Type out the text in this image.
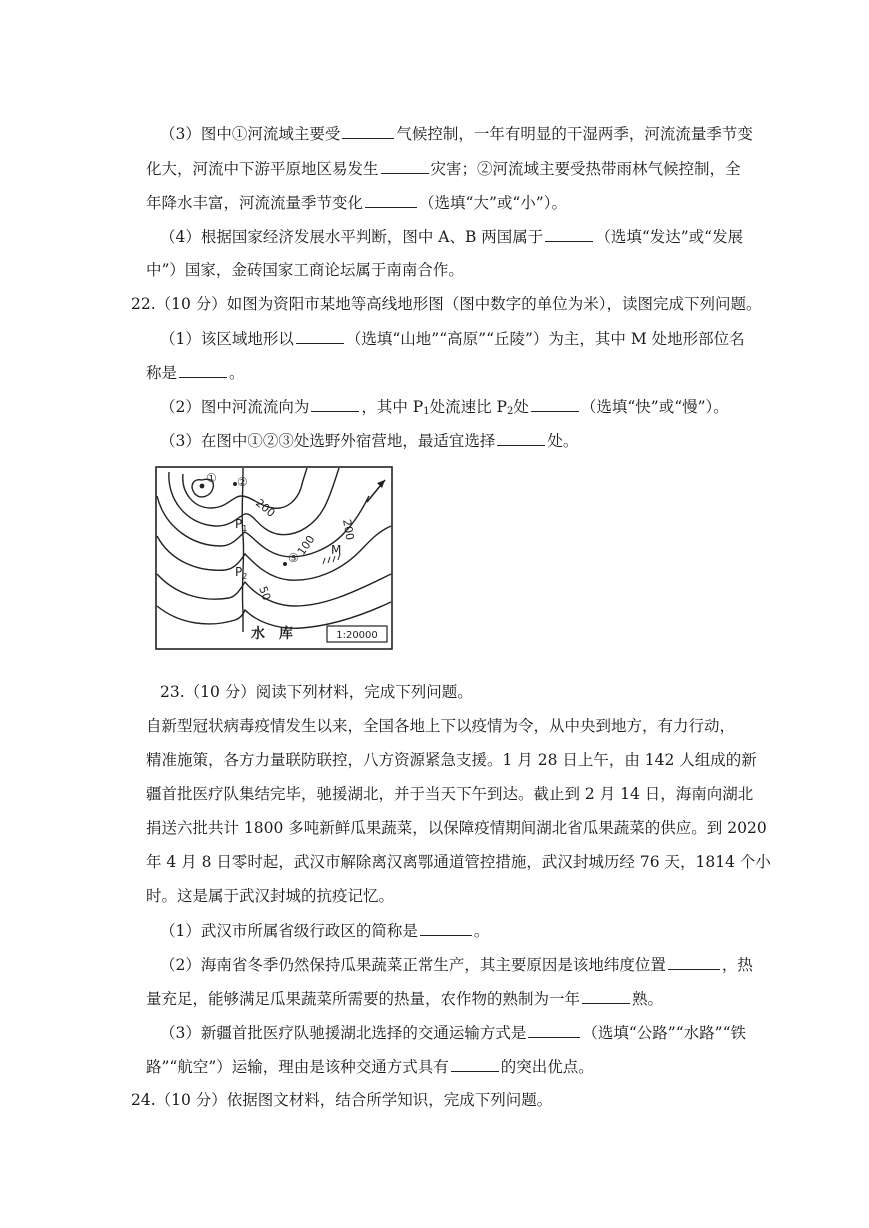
（3）图中①河流域主要受	气候控制，一年有明显的干湿两季，河流流量季节变
化大，河流中下游平原地区易发生	灾害；②河流域主要受热带雨林气候控制，全
年降水丰富，河流流量季节变化	（选填“大”或“小”）。
（4）根据国家经济发展水平判断，图中 A、B 两国属于	（选填“发达”或“发展
中”）国家，金砖国家工商论坛属于南南合作。
22.（10 分）如图为资阳市某地等高线地形图（图中数字的单位为米），读图完成下列问题。
（1）该区域地形以	（选填“山地”“高原”“丘陵”）为主，其中 M 处地形部位名
称是	。
（2）图中河流流向为	，其中 $P_1$处流速比 $P_2$处	（选填“快”或“慢”）。
（3）在图中①②③处选野外宿营地，最适宜选择	处。
① ②
③
200
200
100
50
$P_1$
$P_2$
M
水　库	1:20000
23.（10 分）阅读下列材料，完成下列问题。
自新型冠状病毒疫情发生以来，全国各地上下以疫情为令，从中央到地方，有力行动，
精准施策，各方力量联防联控，八方资源紧急支援。1 月 28 日上午，由 142 人组成的新
疆首批医疗队集结完毕，驰援湖北，并于当天下午到达。截止到 2 月 14 日，海南向湖北
捐送六批共计 1800 多吨新鲜瓜果蔬菜，以保障疫情期间湖北省瓜果蔬菜的供应。到 2020
年 4 月 8 日零时起，武汉市解除离汉离鄂通道管控措施，武汉封城历经 76 天，1814 个小
时。这是属于武汉封城的抗疫记忆。
（1）武汉市所属省级行政区的简称是	。
（2）海南省冬季仍然保持瓜果蔬菜正常生产，其主要原因是该地纬度位置	，热
量充足，能够满足瓜果蔬菜所需要的热量，农作物的熟制为一年	熟。
（3）新疆首批医疗队驰援湖北选择的交通运输方式是	（选填“公路”“水路”“铁
路”“航空”）运输，理由是该种交通方式具有	的突出优点。
24.（10 分）依据图文材料，结合所学知识，完成下列问题。
